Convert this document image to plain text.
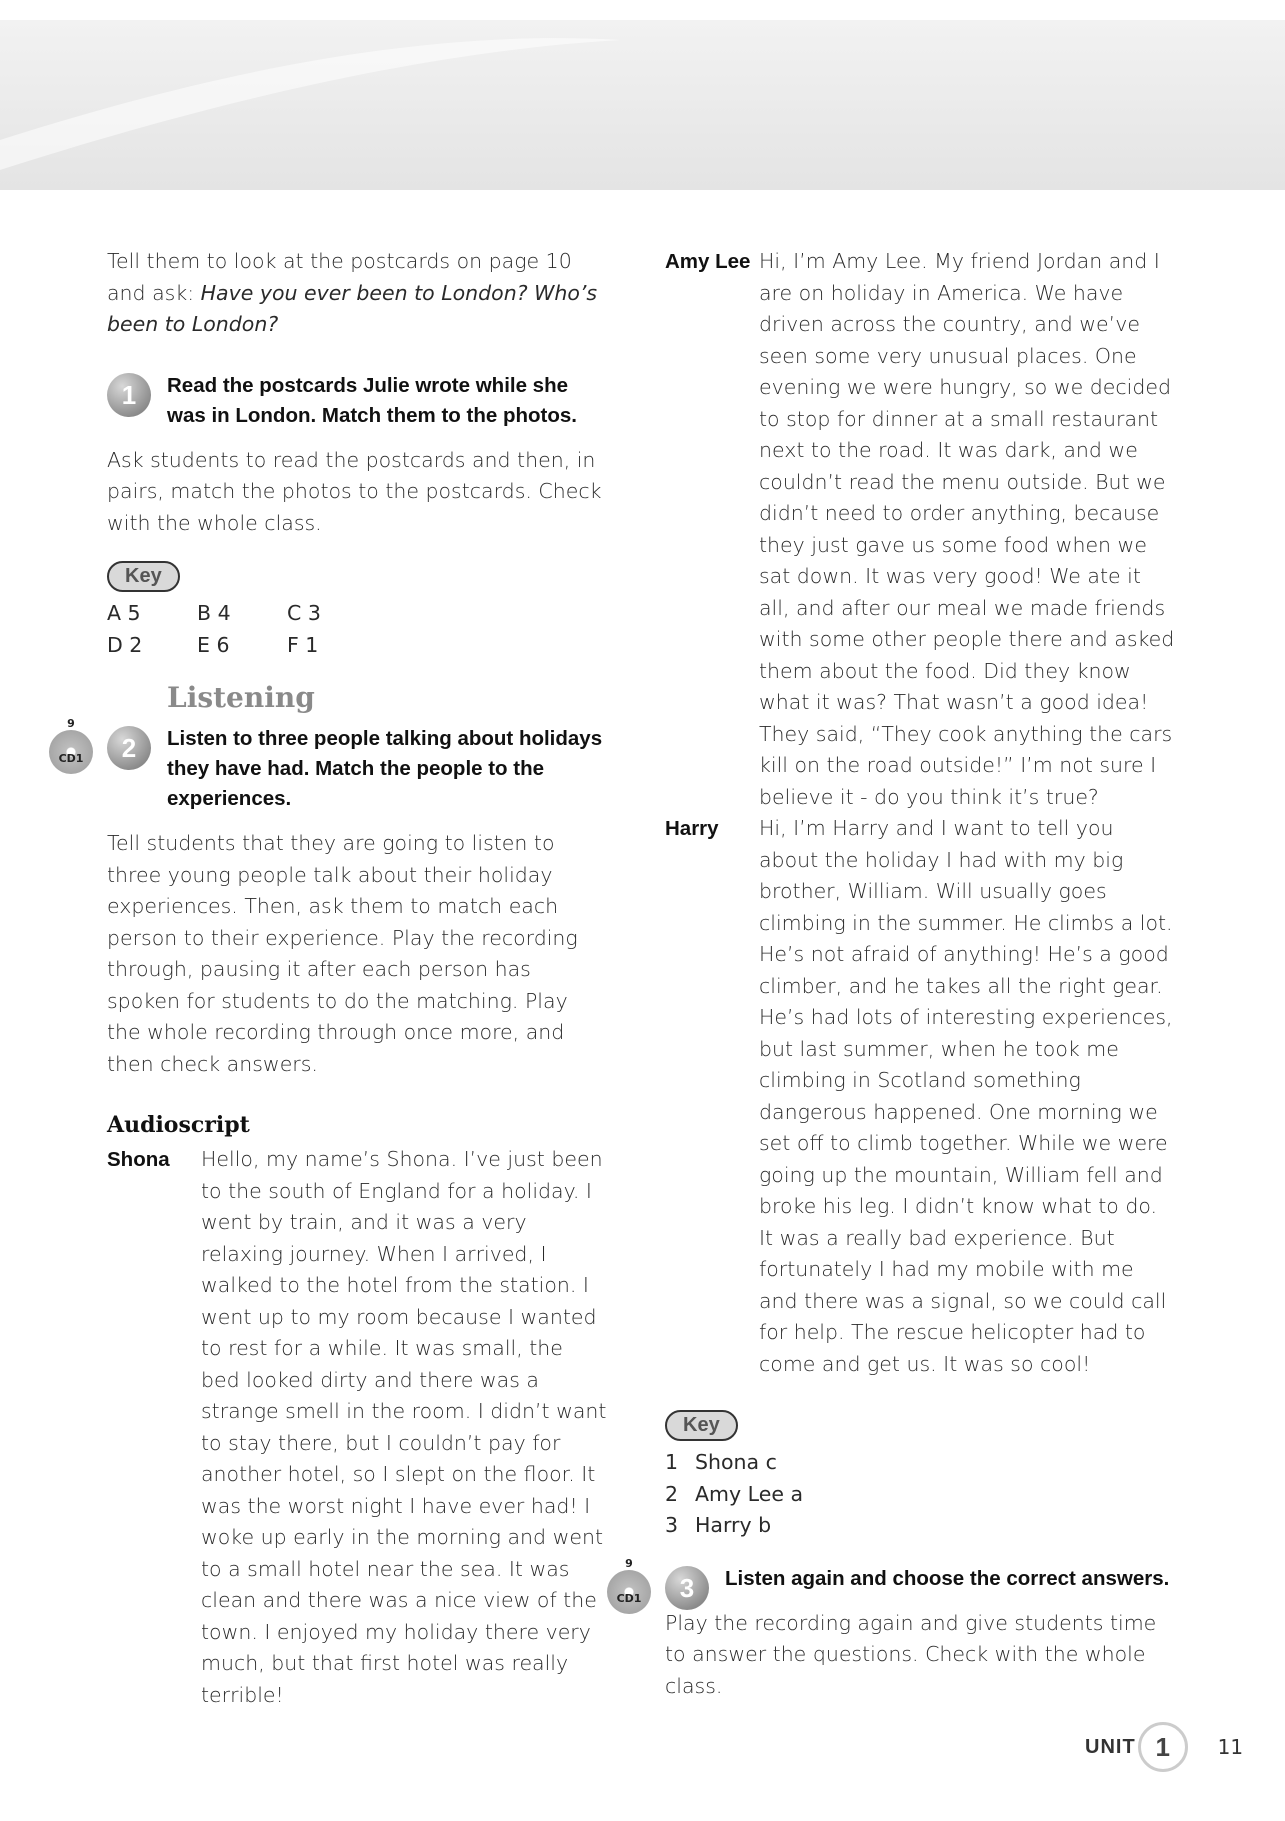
Tell them to look at the postcards on page 10 and ask: Have you ever been to London? Who’s been to London?

1	Read the postcards Julie wrote while she was in London. Match them to the photos.

Ask students to read the postcards and then, in pairs, match the photos to the postcards. Check with the whole class.

Key
A 5	B 4	C 3
D 2	E 6	F 1
Listening
9
CD1	2	Listen to three people talking about holidays they have had. Match the people to the experiences.

Tell students that they are going to listen to three young people talk about their holiday experiences. Then, ask them to match each person to their experience. Play the recording through, pausing it after each person has spoken for students to do the matching. Play the whole recording through once more, and then check answers.

Audioscript
Shona	Hello, my name’s Shona. I’ve just been to the south of England for a holiday. I went by train, and it was a very relaxing journey. When I arrived, I walked to the hotel from the station. I went up to my room because I wanted to rest for a while. It was small, the bed looked dirty and there was a strange smell in the room. I didn’t want to stay there, but I couldn’t pay for another hotel, so I slept on the floor. It was the worst night I have ever had! I woke up early in the morning and went to a small hotel near the sea. It was clean and there was a nice view of the town. I enjoyed my holiday there very much, but that first hotel was really terrible!
Amy Lee Hi, I’m Amy Lee. My friend Jordan and I are on holiday in America. We have driven across the country, and we’ve seen some very unusual places. One evening we were hungry, so we decided to stop for dinner at a small restaurant next to the road. It was dark, and we couldn’t read the menu outside. But we didn’t need to order anything, because they just gave us some food when we sat down. It was very good! We ate it all, and after our meal we made friends with some other people there and asked them about the food. Did they know what it was? That wasn’t a good idea! They said, “They cook anything the cars kill on the road outside!” I’m not sure I believe it - do you think it’s true?
Harry	Hi, I’m Harry and I want to tell you about the holiday I had with my big brother, William. Will usually goes climbing in the summer. He climbs a lot. He’s not afraid of anything! He’s a good climber, and he takes all the right gear. He’s had lots of interesting experiences, but last summer, when he took me climbing in Scotland something dangerous happened. One morning we set off to climb together. While we were going up the mountain, William fell and broke his leg. I didn’t know what to do. It was a really bad experience. But fortunately I had my mobile with me and there was a signal, so we could call for help. The rescue helicopter had to come and get us. It was so cool!
Key
1 Shona c
2 Amy Lee a
3 Harry b
9
CD1	3	Listen again and choose the correct answers.

Play the recording again and give students time to answer the questions. Check with the whole class.

UNIT 1	11
